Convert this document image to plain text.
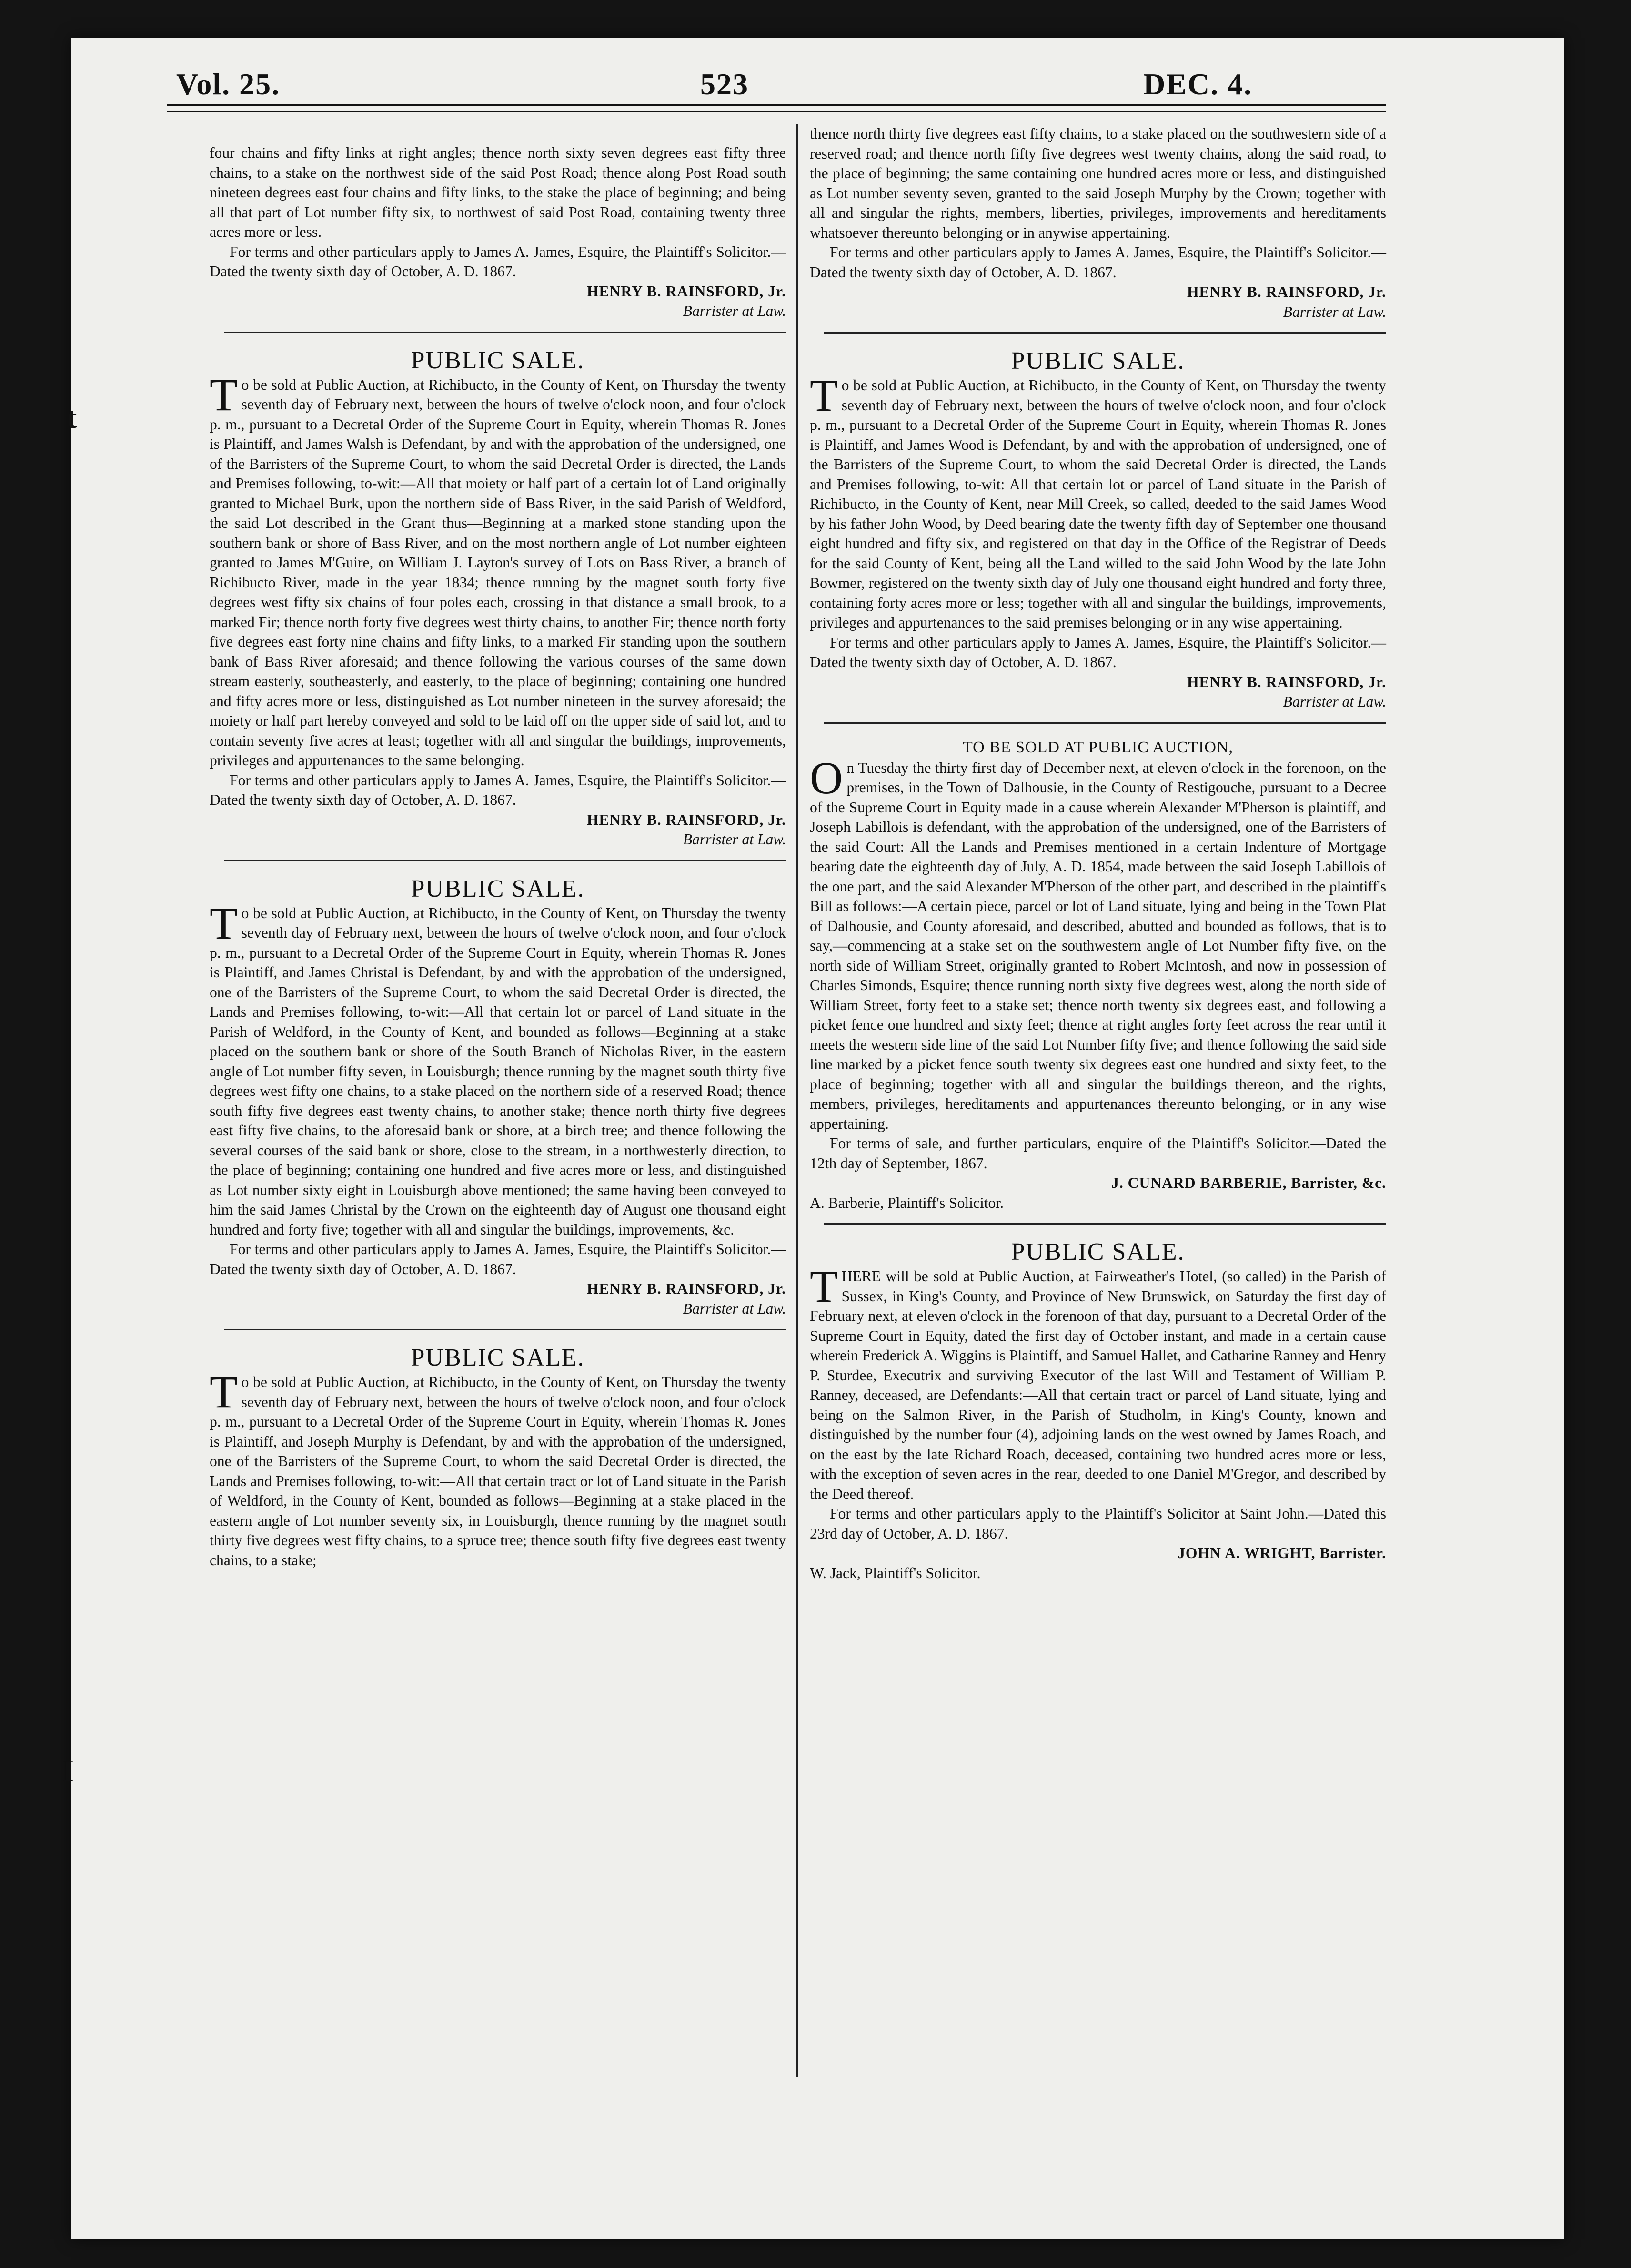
t
I
Vol. 25.	523	DEC. 4.

four chains and fifty links at right angles; thence north sixty seven degrees east fifty three chains, to a stake on the northwest side of the said Post Road; thence along Post Road south nineteen degrees east four chains and fifty links, to the stake the place of beginning; and being all that part of Lot number fifty six, to northwest of said Post Road, containing twenty three acres more or less.

For terms and other particulars apply to James A. James, Esquire, the Plaintiff's Solicitor.—Dated the twenty sixth day of October, A. D. 1867.

HENRY B. RAINSFORD, Jr.

Barrister at Law.

PUBLIC SALE.

To be sold at Public Auction, at Richibucto, in the County of Kent, on Thursday the twenty seventh day of February next, between the hours of twelve o'clock noon, and four o'clock p. m., pursuant to a Decretal Order of the Supreme Court in Equity, wherein Thomas R. Jones is Plaintiff, and James Walsh is Defendant, by and with the approbation of the undersigned, one of the Barristers of the Supreme Court, to whom the said Decretal Order is directed, the Lands and Premises following, to-wit:—All that moiety or half part of a certain lot of Land originally granted to Michael Burk, upon the northern side of Bass River, in the said Parish of Weldford, the said Lot described in the Grant thus—Beginning at a marked stone standing upon the southern bank or shore of Bass River, and on the most northern angle of Lot number eighteen granted to James M'Guire, on William J. Layton's survey of Lots on Bass River, a branch of Richibucto River, made in the year 1834; thence running by the magnet south forty five degrees west fifty six chains of four poles each, crossing in that distance a small brook, to a marked Fir; thence north forty five degrees west thirty chains, to another Fir; thence north forty five degrees east forty nine chains and fifty links, to a marked Fir standing upon the southern bank of Bass River aforesaid; and thence following the various courses of the same down stream easterly, southeasterly, and easterly, to the place of beginning; containing one hundred and fifty acres more or less, distinguished as Lot number nineteen in the survey aforesaid; the moiety or half part hereby conveyed and sold to be laid off on the upper side of said lot, and to contain seventy five acres at least; together with all and singular the buildings, improvements, privileges and appurtenances to the same belonging.

For terms and other particulars apply to James A. James, Esquire, the Plaintiff's Solicitor.—Dated the twenty sixth day of October, A. D. 1867.

HENRY B. RAINSFORD, Jr.

Barrister at Law.

PUBLIC SALE.

To be sold at Public Auction, at Richibucto, in the County of Kent, on Thursday the twenty seventh day of February next, between the hours of twelve o'clock noon, and four o'clock p. m., pursuant to a Decretal Order of the Supreme Court in Equity, wherein Thomas R. Jones is Plaintiff, and James Christal is Defendant, by and with the approbation of the undersigned, one of the Barristers of the Supreme Court, to whom the said Decretal Order is directed, the Lands and Premises following, to-wit:—All that certain lot or parcel of Land situate in the Parish of Weldford, in the County of Kent, and bounded as follows—Beginning at a stake placed on the southern bank or shore of the South Branch of Nicholas River, in the eastern angle of Lot number fifty seven, in Louisburgh; thence running by the magnet south thirty five degrees west fifty one chains, to a stake placed on the northern side of a reserved Road; thence south fifty five degrees east twenty chains, to another stake; thence north thirty five degrees east fifty five chains, to the aforesaid bank or shore, at a birch tree; and thence following the several courses of the said bank or shore, close to the stream, in a northwesterly direction, to the place of beginning; containing one hundred and five acres more or less, and distinguished as Lot number sixty eight in Louisburgh above mentioned; the same having been conveyed to him the said James Christal by the Crown on the eighteenth day of August one thousand eight hundred and forty five; together with all and singular the buildings, improvements, &c.

For terms and other particulars apply to James A. James, Esquire, the Plaintiff's Solicitor.—Dated the twenty sixth day of October, A. D. 1867.

HENRY B. RAINSFORD, Jr.

Barrister at Law.

PUBLIC SALE.

To be sold at Public Auction, at Richibucto, in the County of Kent, on Thursday the twenty seventh day of February next, between the hours of twelve o'clock noon, and four o'clock p. m., pursuant to a Decretal Order of the Supreme Court in Equity, wherein Thomas R. Jones is Plaintiff, and Joseph Murphy is Defendant, by and with the approbation of the undersigned, one of the Barristers of the Supreme Court, to whom the said Decretal Order is directed, the Lands and Premises following, to-wit:—All that certain tract or lot of Land situate in the Parish of Weldford, in the County of Kent, bounded as follows—Beginning at a stake placed in the eastern angle of Lot number seventy six, in Louisburgh, thence running by the magnet south thirty five degrees west fifty chains, to a spruce tree; thence south fifty five degrees east twenty chains, to a stake;

thence north thirty five degrees east fifty chains, to a stake placed on the southwestern side of a reserved road; and thence north fifty five degrees west twenty chains, along the said road, to the place of beginning; the same containing one hundred acres more or less, and distinguished as Lot number seventy seven, granted to the said Joseph Murphy by the Crown; together with all and singular the rights, members, liberties, privileges, improvements and hereditaments whatsoever thereunto belonging or in anywise appertaining.

For terms and other particulars apply to James A. James, Esquire, the Plaintiff's Solicitor.—Dated the twenty sixth day of October, A. D. 1867.

HENRY B. RAINSFORD, Jr.

Barrister at Law.

PUBLIC SALE.

To be sold at Public Auction, at Richibucto, in the County of Kent, on Thursday the twenty seventh day of February next, between the hours of twelve o'clock noon, and four o'clock p. m., pursuant to a Decretal Order of the Supreme Court in Equity, wherein Thomas R. Jones is Plaintiff, and James Wood is Defendant, by and with the approbation of undersigned, one of the Barristers of the Supreme Court, to whom the said Decretal Order is directed, the Lands and Premises following, to-wit: All that certain lot or parcel of Land situate in the Parish of Richibucto, in the County of Kent, near Mill Creek, so called, deeded to the said James Wood by his father John Wood, by Deed bearing date the twenty fifth day of September one thousand eight hundred and fifty six, and registered on that day in the Office of the Registrar of Deeds for the said County of Kent, being all the Land willed to the said John Wood by the late John Bowmer, registered on the twenty sixth day of July one thousand eight hundred and forty three, containing forty acres more or less; together with all and singular the buildings, improvements, privileges and appurtenances to the said premises belonging or in any wise appertaining.

For terms and other particulars apply to James A. James, Esquire, the Plaintiff's Solicitor.—Dated the twenty sixth day of October, A. D. 1867.

HENRY B. RAINSFORD, Jr.

Barrister at Law.

TO BE SOLD AT PUBLIC AUCTION,

On Tuesday the thirty first day of December next, at eleven o'clock in the forenoon, on the premises, in the Town of Dalhousie, in the County of Restigouche, pursuant to a Decree of the Supreme Court in Equity made in a cause wherein Alexander M'Pherson is plaintiff, and Joseph Labillois is defendant, with the approbation of the undersigned, one of the Barristers of the said Court: All the Lands and Premises mentioned in a certain Indenture of Mortgage bearing date the eighteenth day of July, A. D. 1854, made between the said Joseph Labillois of the one part, and the said Alexander M'Pherson of the other part, and described in the plaintiff's Bill as follows:—A certain piece, parcel or lot of Land situate, lying and being in the Town Plat of Dalhousie, and County aforesaid, and described, abutted and bounded as follows, that is to say,—commencing at a stake set on the southwestern angle of Lot Number fifty five, on the north side of William Street, originally granted to Robert McIntosh, and now in possession of Charles Simonds, Esquire; thence running north sixty five degrees west, along the north side of William Street, forty feet to a stake set; thence north twenty six degrees east, and following a picket fence one hundred and sixty feet; thence at right angles forty feet across the rear until it meets the western side line of the said Lot Number fifty five; and thence following the said side line marked by a picket fence south twenty six degrees east one hundred and sixty feet, to the place of beginning; together with all and singular the buildings thereon, and the rights, members, privileges, hereditaments and appurtenances thereunto belonging, or in any wise appertaining.

For terms of sale, and further particulars, enquire of the Plaintiff's Solicitor.—Dated the 12th day of September, 1867.

J. CUNARD BARBERIE, Barrister, &c.

A. Barberie, Plaintiff's Solicitor.

PUBLIC SALE.

THERE will be sold at Public Auction, at Fairweather's Hotel, (so called) in the Parish of Sussex, in King's County, and Province of New Brunswick, on Saturday the first day of February next, at eleven o'clock in the forenoon of that day, pursuant to a Decretal Order of the Supreme Court in Equity, dated the first day of October instant, and made in a certain cause wherein Frederick A. Wiggins is Plaintiff, and Samuel Hallet, and Catharine Ranney and Henry P. Sturdee, Executrix and surviving Executor of the last Will and Testament of William P. Ranney, deceased, are Defendants:—All that certain tract or parcel of Land situate, lying and being on the Salmon River, in the Parish of Studholm, in King's County, known and distinguished by the number four (4), adjoining lands on the west owned by James Roach, and on the east by the late Richard Roach, deceased, containing two hundred acres more or less, with the exception of seven acres in the rear, deeded to one Daniel M'Gregor, and described by the Deed thereof.

For terms and other particulars apply to the Plaintiff's Solicitor at Saint John.—Dated this 23rd day of October, A. D. 1867.

JOHN A. WRIGHT, Barrister.

W. Jack, Plaintiff's Solicitor.
